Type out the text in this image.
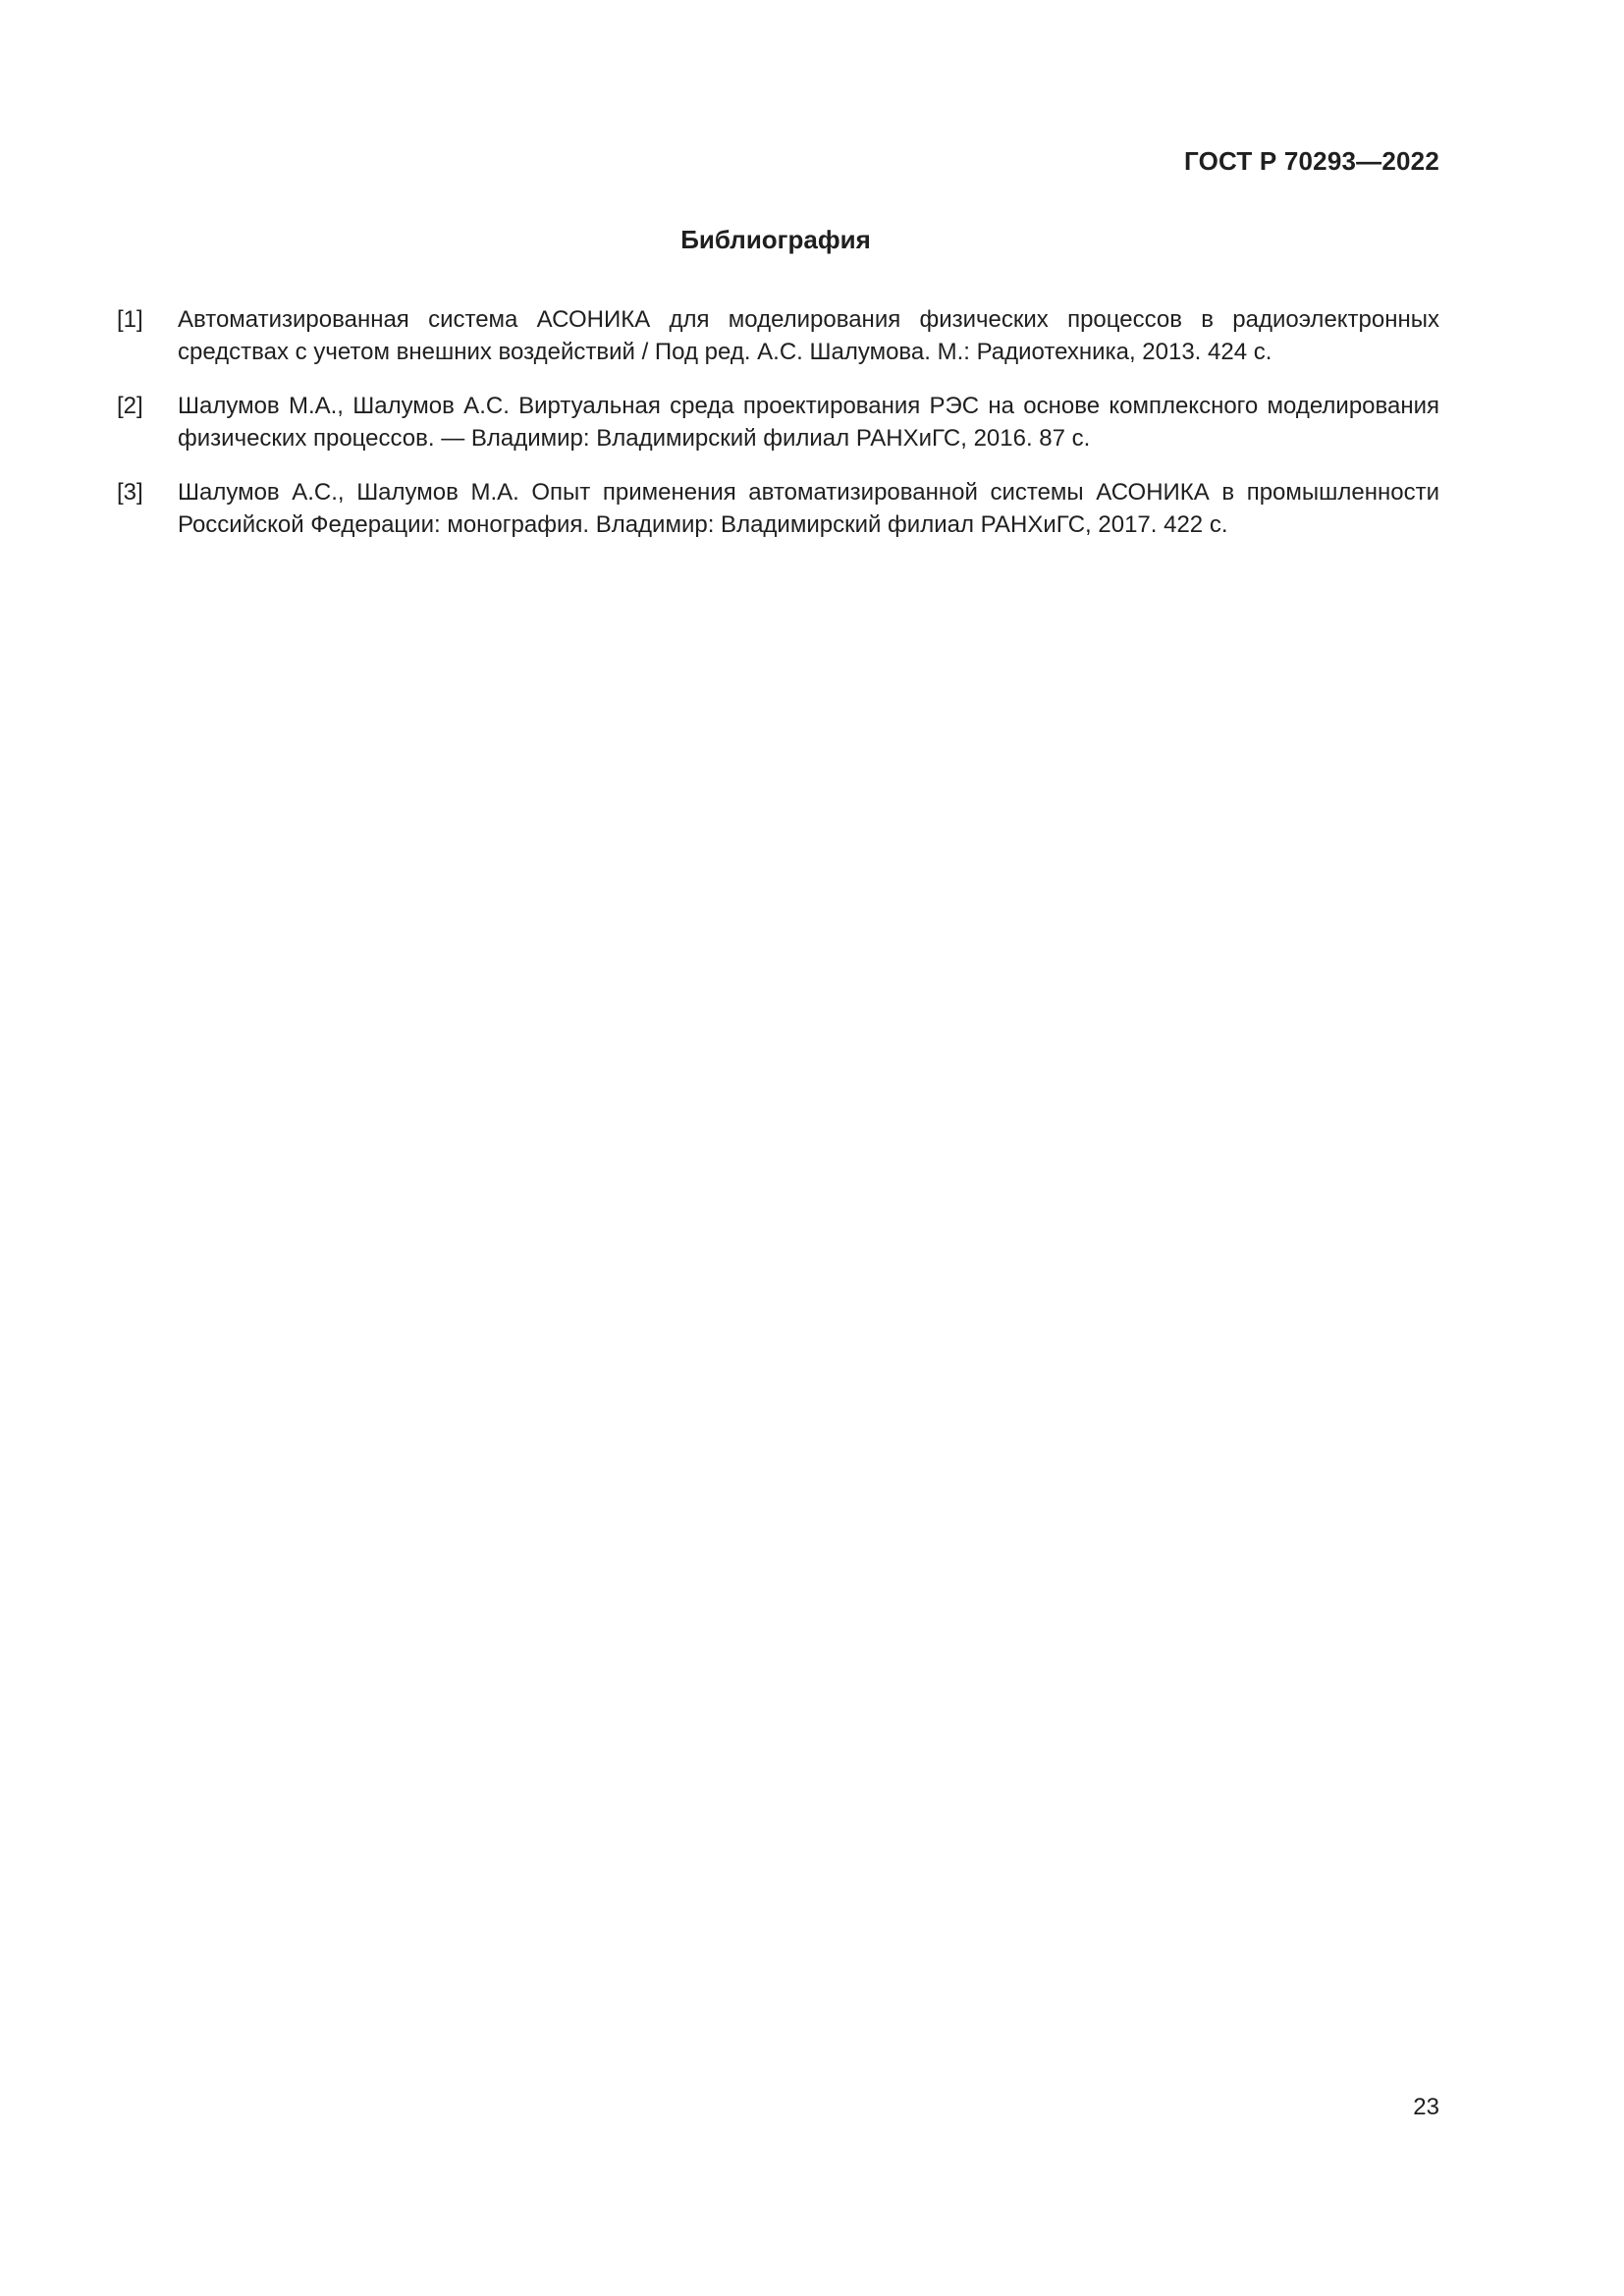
ГОСТ Р 70293—2022
Библиография
[1]	Автоматизированная система АСОНИКА для моделирования физических процессов в радиоэлектронных средствах с учетом внешних воздействий / Под ред. А.С. Шалумова. М.: Радиотехника, 2013. 424 с.
[2]	Шалумов М.А., Шалумов А.С. Виртуальная среда проектирования РЭС на основе комплексного моделирования физических процессов. — Владимир: Владимирский филиал РАНХиГС, 2016. 87 с.
[3]	Шалумов А.С., Шалумов М.А. Опыт применения автоматизированной системы АСОНИКА в промышленности Российской Федерации: монография. Владимир: Владимирский филиал РАНХиГС, 2017. 422 с.
23
